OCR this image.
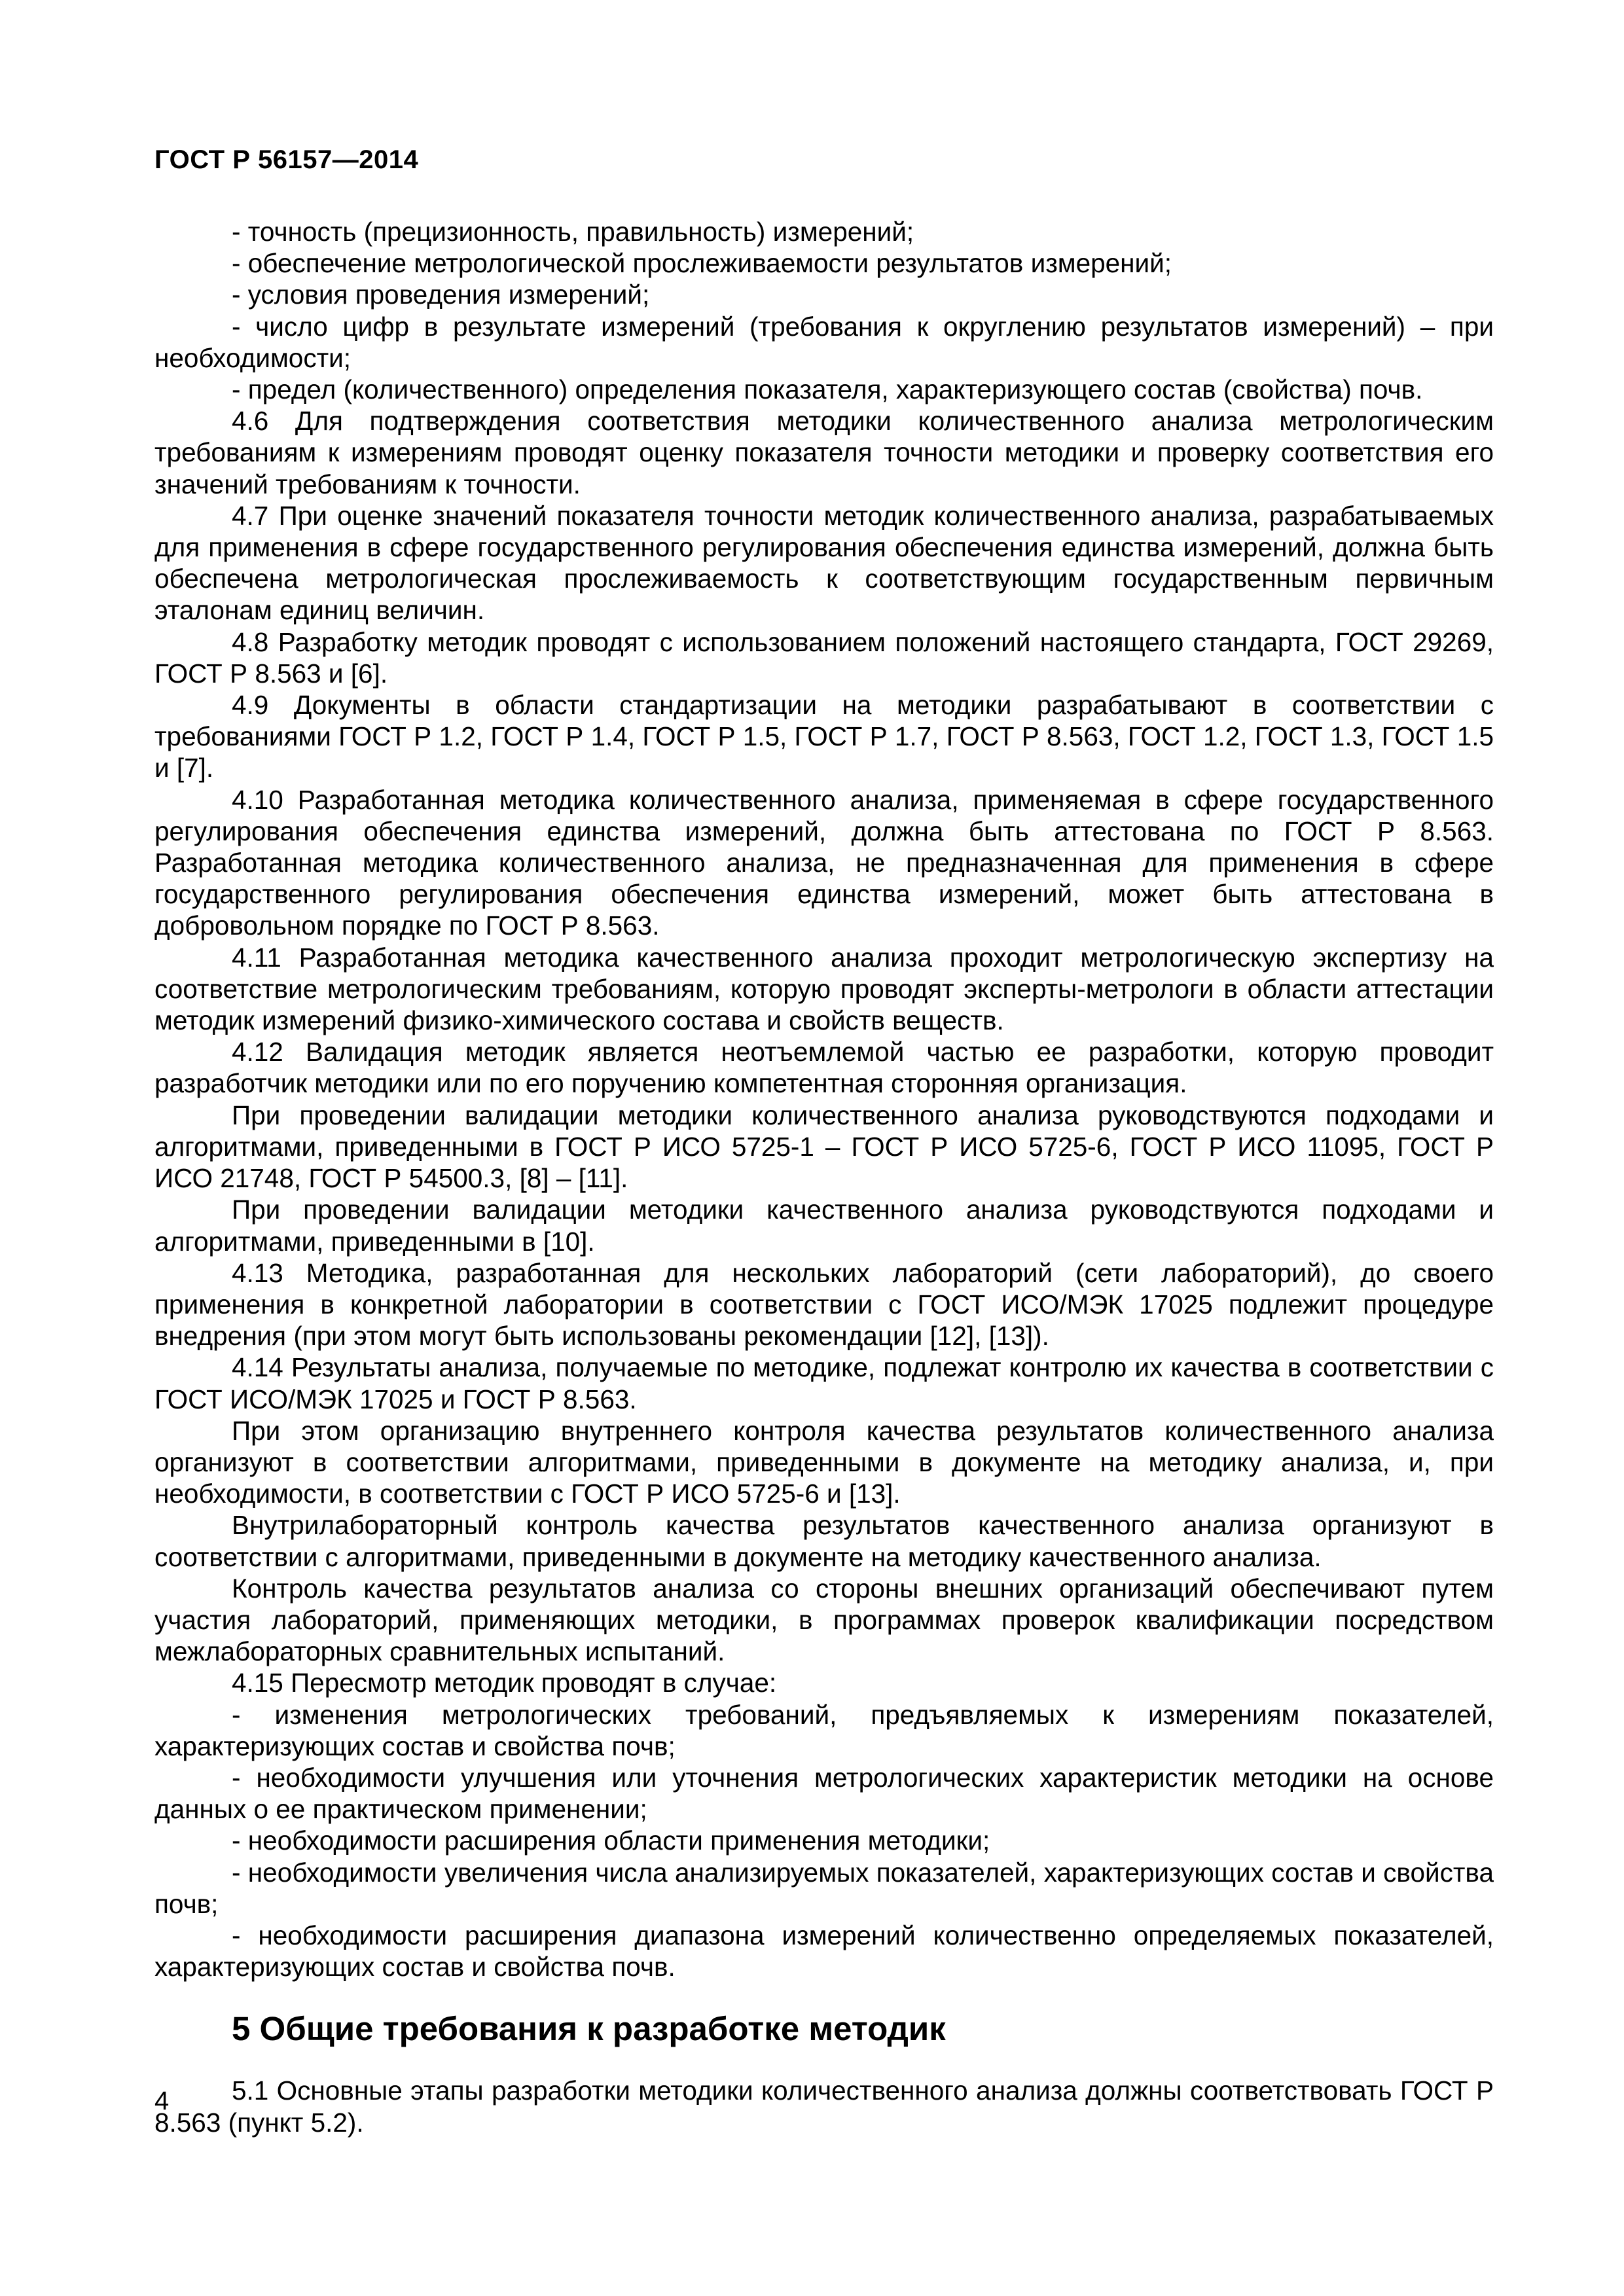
ГОСТ Р 56157—2014

- точность (прецизионность, правильность) измерений;

- обеспечение метрологической прослеживаемости результатов измерений;

- условия проведения измерений;

- число цифр в результате измерений (требования к округлению результатов измерений) – при необходимости;

- предел (количественного) определения показателя, характеризующего состав (свойства) почв.

4.6 Для подтверждения соответствия методики количественного анализа метрологическим требованиям к измерениям проводят оценку показателя точности методики и проверку соответствия его значений требованиям к точности.

4.7 При оценке значений показателя точности методик количественного анализа, разрабатываемых для применения в сфере государственного регулирования обеспечения единства измерений, должна быть обеспечена метрологическая прослеживаемость к соответствующим государственным первичным эталонам единиц величин.

4.8 Разработку методик проводят с использованием положений настоящего стандарта, ГОСТ 29269, ГОСТ Р 8.563 и [6].

4.9 Документы в области стандартизации на методики разрабатывают в соответствии с требованиями ГОСТ Р 1.2, ГОСТ Р 1.4, ГОСТ Р 1.5, ГОСТ Р 1.7, ГОСТ Р 8.563, ГОСТ 1.2, ГОСТ 1.3, ГОСТ 1.5 и [7].

4.10 Разработанная методика количественного анализа, применяемая в сфере государственного регулирования обеспечения единства измерений, должна быть аттестована по ГОСТ Р 8.563. Разработанная методика количественного анализа, не предназначенная для применения в сфере государственного регулирования обеспечения единства измерений, может быть аттестована в добровольном порядке по ГОСТ Р 8.563.

4.11 Разработанная методика качественного анализа проходит метрологическую экспертизу на соответствие метрологическим требованиям, которую проводят эксперты-метрологи в области аттестации методик измерений физико-химического состава и свойств веществ.

4.12 Валидация методик является неотъемлемой частью ее разработки, которую проводит разработчик методики или по его поручению компетентная сторонняя организация.

При проведении валидации методики количественного анализа руководствуются подходами и алгоритмами, приведенными в ГОСТ Р ИСО 5725-1 – ГОСТ Р ИСО 5725-6, ГОСТ Р ИСО 11095, ГОСТ Р ИСО 21748, ГОСТ Р 54500.3, [8] – [11].

При проведении валидации методики качественного анализа руководствуются подходами и алгоритмами, приведенными в [10].

4.13 Методика, разработанная для нескольких лабораторий (сети лабораторий), до своего применения в конкретной лаборатории в соответствии с ГОСТ ИСО/МЭК 17025 подлежит процедуре внедрения (при этом могут быть использованы рекомендации [12], [13]).

4.14 Результаты анализа, получаемые по методике, подлежат контролю их качества в соответствии с ГОСТ ИСО/МЭК 17025 и ГОСТ Р 8.563.

При этом организацию внутреннего контроля качества результатов количественного анализа организуют в соответствии алгоритмами, приведенными в документе на методику анализа, и, при необходимости, в соответствии с ГОСТ Р ИСО 5725-6 и [13].

Внутрилабораторный контроль качества результатов качественного анализа организуют в соответствии с алгоритмами, приведенными в документе на методику качественного анализа.

Контроль качества результатов анализа со стороны внешних организаций обеспечивают путем участия лабораторий, применяющих методики, в программах проверок квалификации посредством межлабораторных сравнительных испытаний.

4.15 Пересмотр методик проводят в случае:

- изменения метрологических требований, предъявляемых к измерениям показателей, характеризующих состав и свойства почв;

- необходимости улучшения или уточнения метрологических характеристик методики на основе данных о ее практическом применении;

- необходимости расширения области применения методики;

- необходимости увеличения числа анализируемых показателей, характеризующих состав и свойства почв;

- необходимости расширения диапазона измерений количественно определяемых показателей, характеризующих состав и свойства почв.

5 Общие требования к разработке методик

5.1 Основные этапы разработки методики количественного анализа должны соответствовать ГОСТ Р 8.563 (пункт 5.2).

4
